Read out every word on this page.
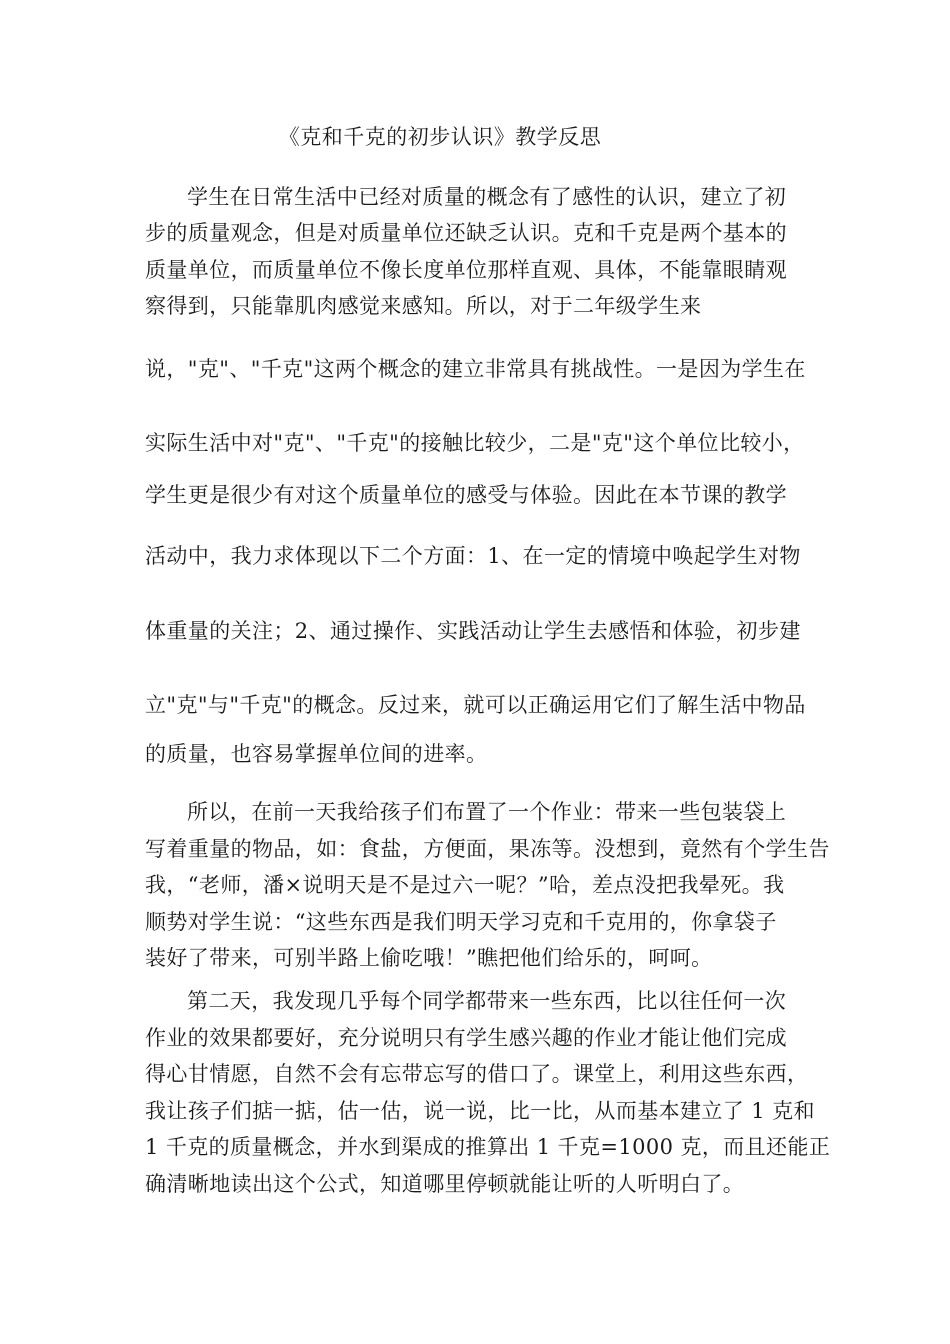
《克和千克的初步认识》教学反思
学生在日常生活中已经对质量的概念有了感性的认识，建立了初
步的质量观念，但是对质量单位还缺乏认识。克和千克是两个基本的
质量单位，而质量单位不像长度单位那样直观、具体，不能靠眼睛观
察得到，只能靠肌肉感觉来感知。所以，对于二年级学生来
说，"克"、"千克"这两个概念的建立非常具有挑战性。一是因为学生在
实际生活中对"克"、"千克"的接触比较少，二是"克"这个单位比较小，
学生更是很少有对这个质量单位的感受与体验。因此在本节课的教学
活动中，我力求体现以下二个方面：1、在一定的情境中唤起学生对物
体重量的关注；2、通过操作、实践活动让学生去感悟和体验，初步建
立"克"与"千克"的概念。反过来，就可以正确运用它们了解生活中物品
的质量，也容易掌握单位间的进率。
所以，在前一天我给孩子们布置了一个作业：带来一些包装袋上
写着重量的物品，如：食盐，方便面，果冻等。没想到，竟然有个学生告
我，“老师，潘×说明天是不是过六一呢？”哈，差点没把我晕死。我
顺势对学生说：“这些东西是我们明天学习克和千克用的，你拿袋子
装好了带来，可别半路上偷吃哦！”瞧把他们给乐的，呵呵。
第二天，我发现几乎每个同学都带来一些东西，比以往任何一次
作业的效果都要好，充分说明只有学生感兴趣的作业才能让他们完成
得心甘情愿，自然不会有忘带忘写的借口了。课堂上，利用这些东西，
我让孩子们掂一掂，估一估，说一说，比一比，从而基本建立了 1 克和
1 千克的质量概念，并水到渠成的推算出 1 千克=1000 克，而且还能正
确清晰地读出这个公式，知道哪里停顿就能让听的人听明白了。
